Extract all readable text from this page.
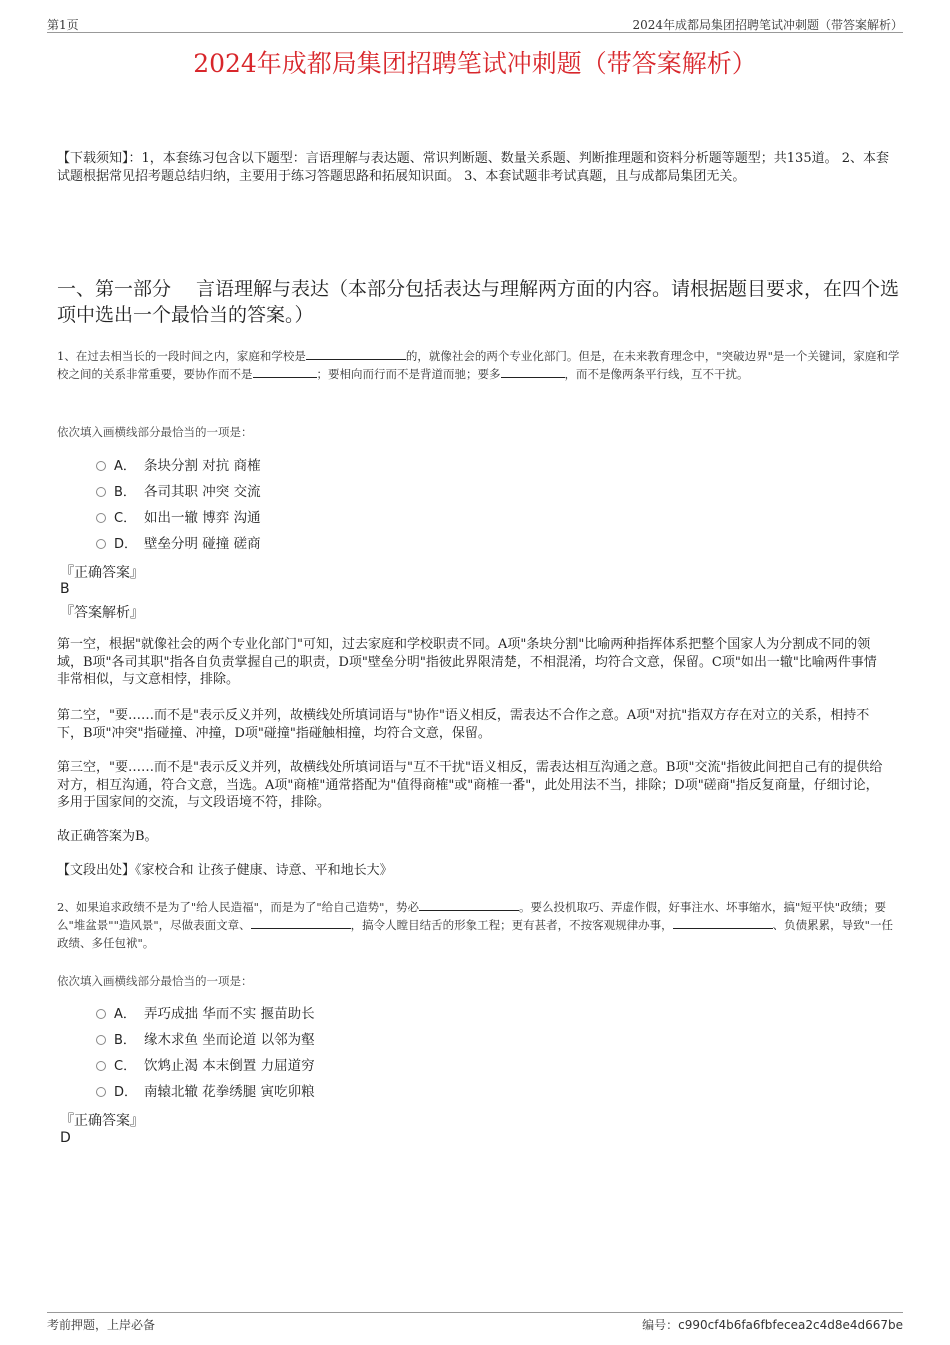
第1页	2024年成都局集团招聘笔试冲刺题（带答案解析）
2024年成都局集团招聘笔试冲刺题（带答案解析）
【下载须知】：1，本套练习包含以下题型：言语理解与表达题、常识判断题、数量关系题、判断推理题和资料分析题等题型；共135道。 2、本套试题根据常见招考题总结归纳，主要用于练习答题思路和拓展知识面。 3、本套试题非考试真题，且与成都局集团无关。
一、第一部分　 言语理解与表达（本部分包括表达与理解两方面的内容。请根据题目要求，在四个选项中选出一个最恰当的答案。）
1、在过去相当长的一段时间之内，家庭和学校是	的，就像社会的两个专业化部门。但是，在未来教育理念中，"突破边界"是一个关键词，家庭和学校之间的关系非常重要，要协作而不是	；要相向而行而不是背道而驰；要多	，而不是像两条平行线，互不干扰。
依次填入画横线部分最恰当的一项是：
A． 条块分割 对抗 商榷
B． 各司其职 冲突 交流
C． 如出一辙 博弈 沟通
D． 壁垒分明 碰撞 磋商
『正确答案』
B
『答案解析』
第一空，根据"就像社会的两个专业化部门"可知，过去家庭和学校职责不同。A项"条块分割"比喻两种指挥体系把整个国家人为分割成不同的领域，B项"各司其职"指各自负责掌握自己的职责，D项"壁垒分明"指彼此界限清楚，不相混淆，均符合文意，保留。C项"如出一辙"比喻两件事情非常相似，与文意相悖，排除。
第二空，"要……而不是"表示反义并列，故横线处所填词语与"协作"语义相反，需表达不合作之意。A项"对抗"指双方存在对立的关系，相持不下，B项"冲突"指碰撞、冲撞，D项"碰撞"指碰触相撞，均符合文意，保留。
第三空，"要……而不是"表示反义并列，故横线处所填词语与"互不干扰"语义相反，需表达相互沟通之意。B项"交流"指彼此间把自己有的提供给对方，相互沟通，符合文意，当选。A项"商榷"通常搭配为"值得商榷"或"商榷一番"，此处用法不当，排除；D项"磋商"指反复商量，仔细讨论，多用于国家间的交流，与文段语境不符，排除。
故正确答案为B。
【文段出处】《家校合和 让孩子健康、诗意、平和地长大》
2、如果追求政绩不是为了"给人民造福"，而是为了"给自己造势"，势必	。要么投机取巧、弄虚作假，好事注水、坏事缩水，搞"短平快"政绩；要么"堆盆景""造风景"，尽做表面文章、	，搞令人瞠目结舌的形象工程；更有甚者，不按客观规律办事，	、负债累累，导致"一任政绩、多任包袱"。
依次填入画横线部分最恰当的一项是：
A． 弄巧成拙 华而不实 揠苗助长
B． 缘木求鱼 坐而论道 以邻为壑
C． 饮鸩止渴 本末倒置 力屈道穷
D． 南辕北辙 花拳绣腿 寅吃卯粮
『正确答案』
D
考前押题，上岸必备	编号：c990cf4b6fa6fbfecea2c4d8e4d667be
